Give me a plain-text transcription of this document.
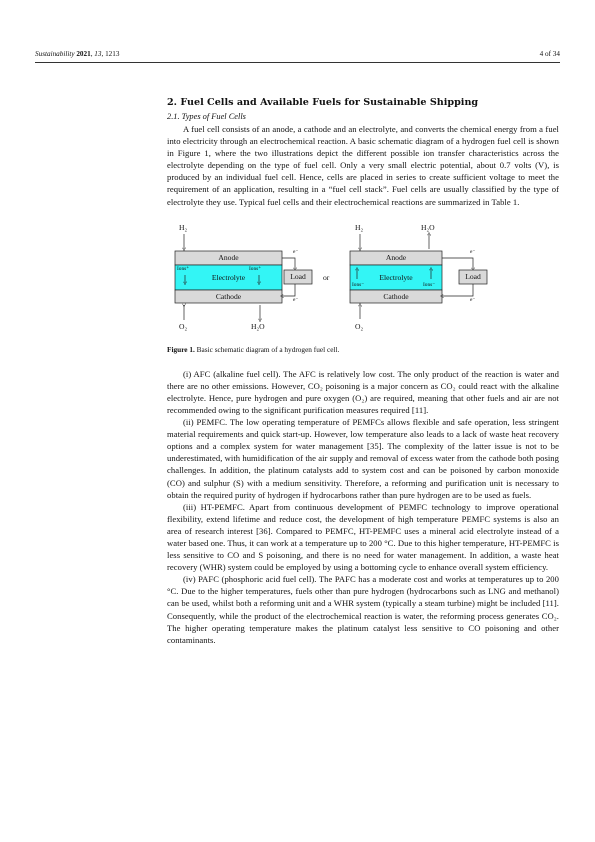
Sustainability 2021, 13, 1213	4 of 34
2. Fuel Cells and Available Fuels for Sustainable Shipping
2.1. Types of Fuel Cells

A fuel cell consists of an anode, a cathode and an electrolyte, and converts the chemical energy from a fuel into electricity through an electrochemical reaction. A basic schematic diagram of a hydrogen fuel cell is shown in Figure 1, where the two illustrations depict the different possible ion transfer characteristics across the electrolyte depending on the type of fuel cell. Only a very small electric potential, about 0.7 volts (V), is produced by an individual fuel cell. Hence, cells are placed in series to create sufficient voltage to meet the requirement of an application, resulting in a “fuel cell stack”. Fuel cells are usually classified by the type of electrolyte they use. Typical fuel cells and their electrochemical reactions are summarized in Table 1.

H₂
Anode
Electrolyte
Cathode
Ions⁺	Ions⁺
e⁻
Load
e⁻
O₂	H₂O
or
H₂	H₂O
Anode
Electrolyte
Cathode
Ions⁻	Ions⁻
e⁻
Load
e⁻
O₂
Figure 1. Basic schematic diagram of a hydrogen fuel cell.

(i) AFC (alkaline fuel cell). The AFC is relatively low cost. The only product of the reaction is water and there are no other emissions. However, CO₂ poisoning is a major concern as CO₂ could react with the alkaline electrolyte. Hence, pure hydrogen and pure oxygen (O₂) are required, meaning that other fuels and air are not recommended owing to the significant purification measures required [11].

(ii) PEMFC. The low operating temperature of PEMFCs allows flexible and safe operation, less stringent material requirements and quick start-up. However, low temperature also leads to a lack of waste heat recovery options and a complex system for water management [35]. The complexity of the latter issue is not to be underestimated, with humidification of the air supply and removal of excess water from the cathode both posing challenges. In addition, the platinum catalysts add to system cost and can be poisoned by carbon monoxide (CO) and sulphur (S) with a medium sensitivity. Therefore, a reforming and purification unit is necessary to obtain the required purity of hydrogen if hydrocarbons rather than pure hydrogen are to be used as fuels.

(iii) HT-PEMFC. Apart from continuous development of PEMFC technology to improve operational flexibility, extend lifetime and reduce cost, the development of high temperature PEMFC systems is also an area of research interest [36]. Compared to PEMFC, HT-PEMFC uses a mineral acid electrolyte instead of a water based one. Thus, it can work at a temperature up to 200 °C. Due to this higher temperature, HT-PEMFC is less sensitive to CO and S poisoning, and there is no need for water management. In addition, a waste heat recovery (WHR) system could be employed by using a bottoming cycle to enhance overall system efficiency.

(iv) PAFC (phosphoric acid fuel cell). The PAFC has a moderate cost and works at temperatures up to 200 °C. Due to the higher temperatures, fuels other than pure hydrogen (hydrocarbons such as LNG and methanol) can be used, whilst both a reforming unit and a WHR system (typically a steam turbine) might be included [11]. Consequently, while the product of the electrochemical reaction is water, the reforming process generates CO₂. The higher operating temperature makes the platinum catalyst less sensitive to CO poisoning and other contaminants.
